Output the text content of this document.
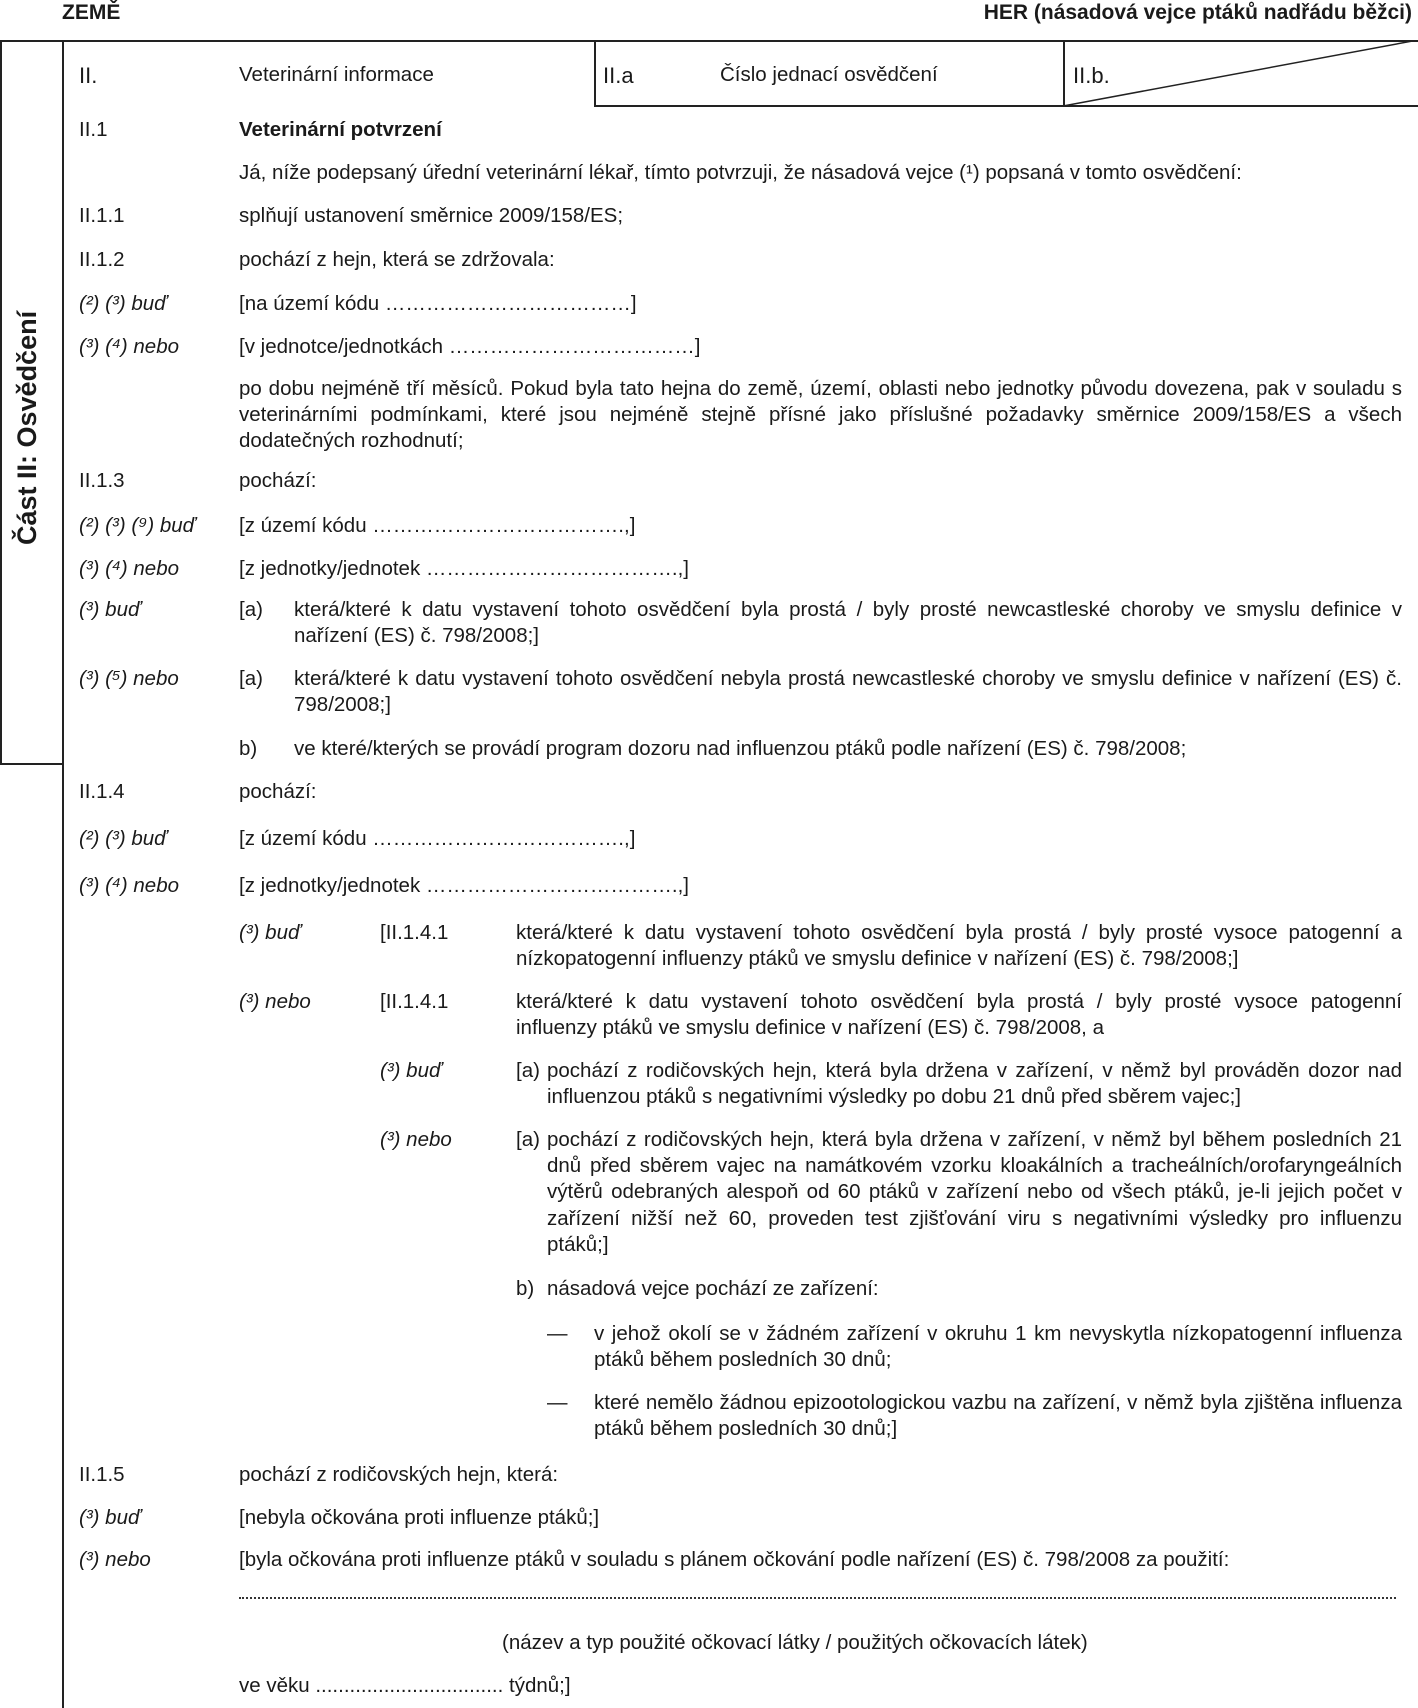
ZEMĚ	HER (násadová vejce ptáků nadřádu běžci)
Část II: Osvědčení
II.	Veterinární informace	II.a	Číslo jednací osvědčení	II.b.
II.1	Veterinární potvrzení
Já, níže podepsaný úřední veterinární lékař, tímto potvrzuji, že násadová vejce (¹) popsaná v tomto osvědčení:
II.1.1	splňují ustanovení směrnice 2009/158/ES;
II.1.2	pochází z hejn, která se zdržovala:
(²) (³) buď	[na území kódu ………………………………]
(³) (⁴) nebo	[v jednotce/jednotkách ………………………………]
po dobu nejméně tří měsíců. Pokud byla tato hejna do země, území, oblasti nebo jednotky původu dovezena, pak v souladu s veterinárními podmínkami, které jsou nejméně stejně přísné jako příslušné požadavky směrnice 2009/158/ES a všech dodatečných rozhodnutí;
II.1.3	pochází:
(²) (³) (⁹) buď [z území kódu ……………………………….,]
(³) (⁴) nebo	[z jednotky/jednotek ……………………………….,]
(³) buď	[a) která/které k datu vystavení tohoto osvědčení byla prostá / byly prosté newcastleské choroby ve smyslu definice v nařízení (ES) č. 798/2008;]
(³) (⁵) nebo	[a) která/které k datu vystavení tohoto osvědčení nebyla prostá newcastleské choroby ve smyslu definice v nařízení (ES) č. 798/2008;]
b) ve které/kterých se provádí program dozoru nad influenzou ptáků podle nařízení (ES) č. 798/2008;
II.1.4	pochází:
(²) (³) buď	[z území kódu ……………………………….,]
(³) (⁴) nebo	[z jednotky/jednotek ……………………………….,]
(³) buď	[II.1.4.1	která/které k datu vystavení tohoto osvědčení byla prostá / byly prosté vysoce patogenní a nízkopatogenní influenzy ptáků ve smyslu definice v nařízení (ES) č. 798/2008;]
(³) nebo	[II.1.4.1	která/které k datu vystavení tohoto osvědčení byla prostá / byly prosté vysoce patogenní influenzy ptáků ve smyslu definice v nařízení (ES) č. 798/2008, a
(³) buď	[a) pochází z rodičovských hejn, která byla držena v zařízení, v němž byl prováděn dozor nad influenzou ptáků s negativními výsledky po dobu 21 dnů před sběrem vajec;]
(³) nebo	[a) pochází z rodičovských hejn, která byla držena v zařízení, v němž byl během posledních 21 dnů před sběrem vajec na namátkovém vzorku kloakálních a tracheálních/orofaryngeálních výtěrů odebraných alespoň od 60 ptáků v zařízení nebo od všech ptáků, je-li jejich počet v zařízení nižší než 60, proveden test zjišťování viru s negativními výsledky pro influenzu ptáků;]
b) násadová vejce pochází ze zařízení:
— v jehož okolí se v žádném zařízení v okruhu 1 km nevyskytla nízkopatogenní influenza ptáků během posledních 30 dnů;
— které nemělo žádnou epizootologickou vazbu na zařízení, v němž byla zjištěna influenza ptáků během posledních 30 dnů;]
II.1.5	pochází z rodičovských hejn, která:
(³) buď	[nebyla očkována proti influenze ptáků;]
(³) nebo	[byla očkována proti influenze ptáků v souladu s plánem očkování podle nařízení (ES) č. 798/2008 za použití:
(název a typ použité očkovací látky / použitých očkovacích látek)
ve věku ................................. týdnů;]
